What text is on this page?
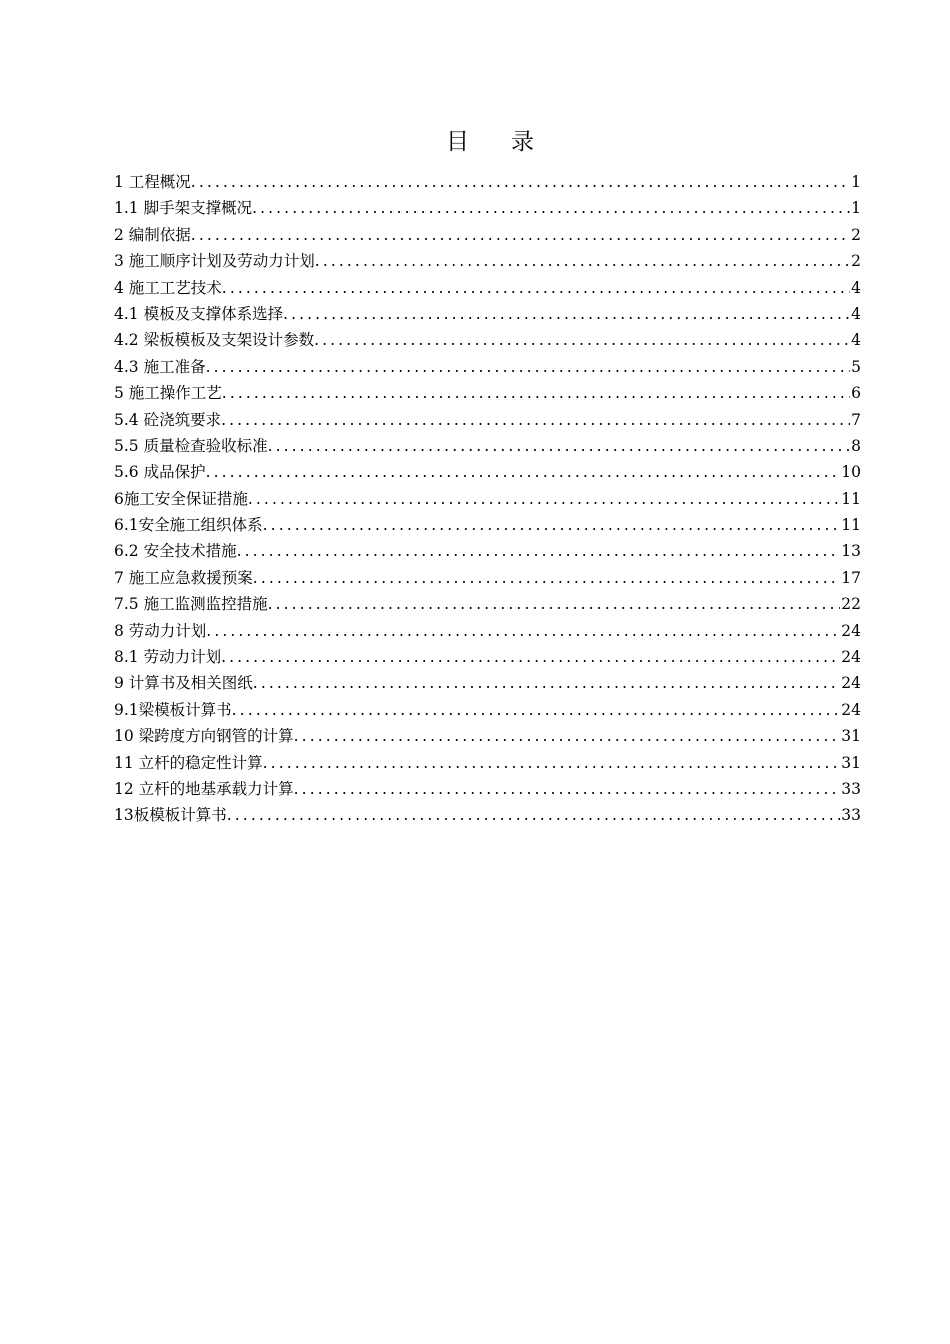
目 录
1 工程概况 .....	1
1.1 脚手架支撑概况 .....	1
2 编制依据 .....	2
3 施工顺序计划及劳动力计划 .....	2
4 施工工艺技术 .....	4
4.1 模板及支撑体系选择 .....	4
4.2 梁板模板及支架设计参数 .....	4
4.3 施工准备 .....	5
5 施工操作工艺 .....	6
5.4 砼浇筑要求 .....	7
5.5 质量检查验收标准 .....	8
5.6 成品保护 .....	10
6施工安全保证措施 .....	11
6.1安全施工组织体系 .....	11
6.2 安全技术措施 .....	13
7 施工应急救援预案 .....	17
7.5 施工监测监控措施 .....	22
8 劳动力计划 .....	24
8.1 劳动力计划 .....	24
9 计算书及相关图纸 .....	24
9.1梁模板计算书 .....	24
10 梁跨度方向钢管的计算 .....	31
11 立杆的稳定性计算 .....	31
12 立杆的地基承载力计算 .....	33
13板模板计算书 .....	33
